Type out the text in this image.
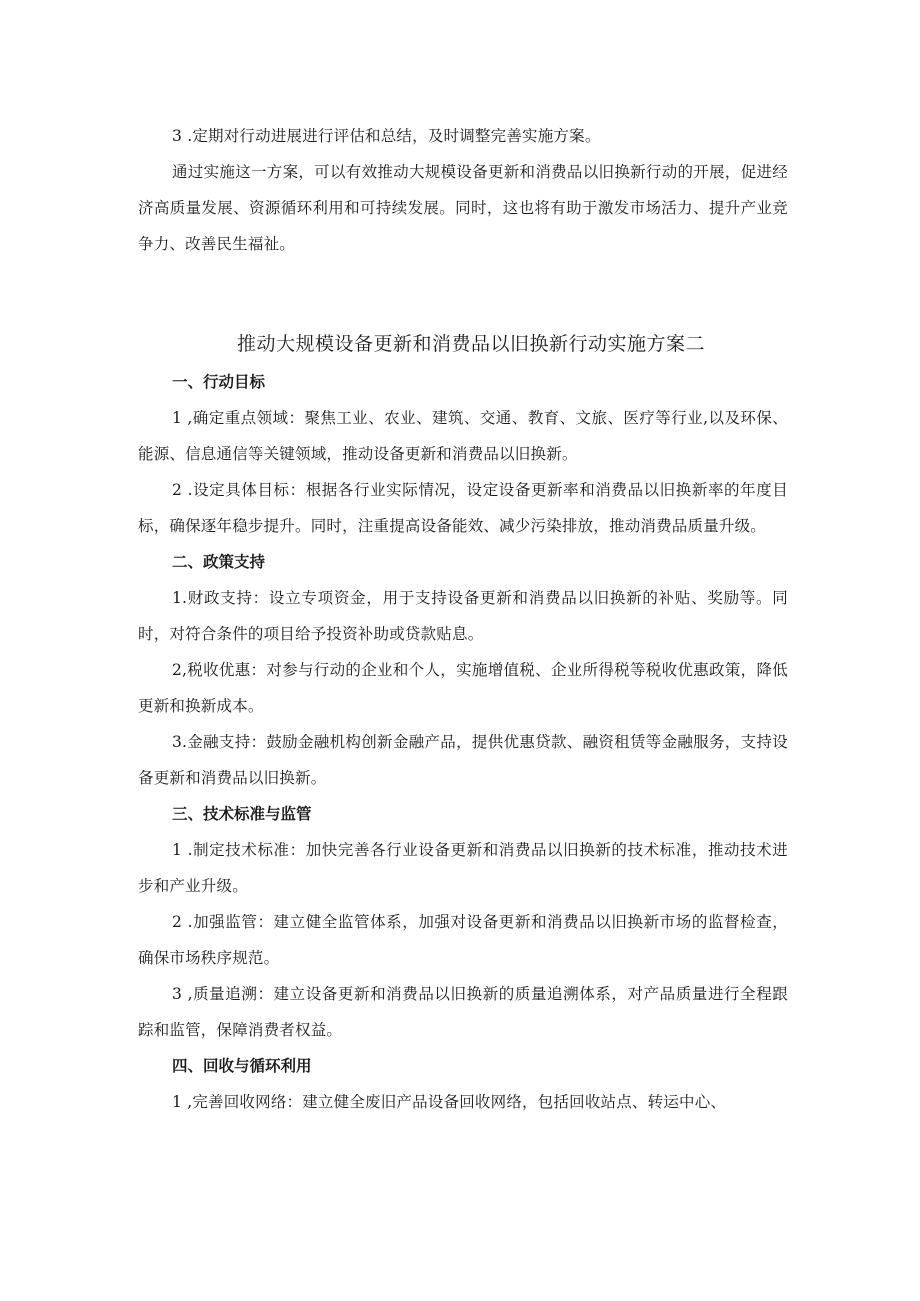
3 .定期对行动进展进行评估和总结，及时调整完善实施方案。

通过实施这一方案，可以有效推动大规模设备更新和消费品以旧换新行动的开展，促进经济高质量发展、资源循环利用和可持续发展。同时，这也将有助于激发市场活力、提升产业竞争力、改善民生福祉。

推动大规模设备更新和消费品以旧换新行动实施方案二
一、行动目标

1 ,确定重点领域：聚焦工业、农业、建筑、交通、教育、文旅、医疗等行业,以及环保、能源、信息通信等关键领域，推动设备更新和消费品以旧换新。

2 .设定具体目标：根据各行业实际情况，设定设备更新率和消费品以旧换新率的年度目标，确保逐年稳步提升。同时，注重提高设备能效、减少污染排放，推动消费品质量升级。

二、政策支持

1.财政支持：设立专项资金，用于支持设备更新和消费品以旧换新的补贴、奖励等。同时，对符合条件的项目给予投资补助或贷款贴息。

2,税收优惠：对参与行动的企业和个人，实施增值税、企业所得税等税收优惠政策，降低更新和换新成本。

3.金融支持：鼓励金融机构创新金融产品，提供优惠贷款、融资租赁等金融服务，支持设备更新和消费品以旧换新。

三、技术标准与监管

1 .制定技术标准：加快完善各行业设备更新和消费品以旧换新的技术标准，推动技术进步和产业升级。

2 .加强监管：建立健全监管体系，加强对设备更新和消费品以旧换新市场的监督检查，确保市场秩序规范。

3 ,质量追溯：建立设备更新和消费品以旧换新的质量追溯体系，对产品质量进行全程跟踪和监管，保障消费者权益。

四、回收与循环利用

1 ,完善回收网络：建立健全废旧产品设备回收网络，包括回收站点、转运中心、
